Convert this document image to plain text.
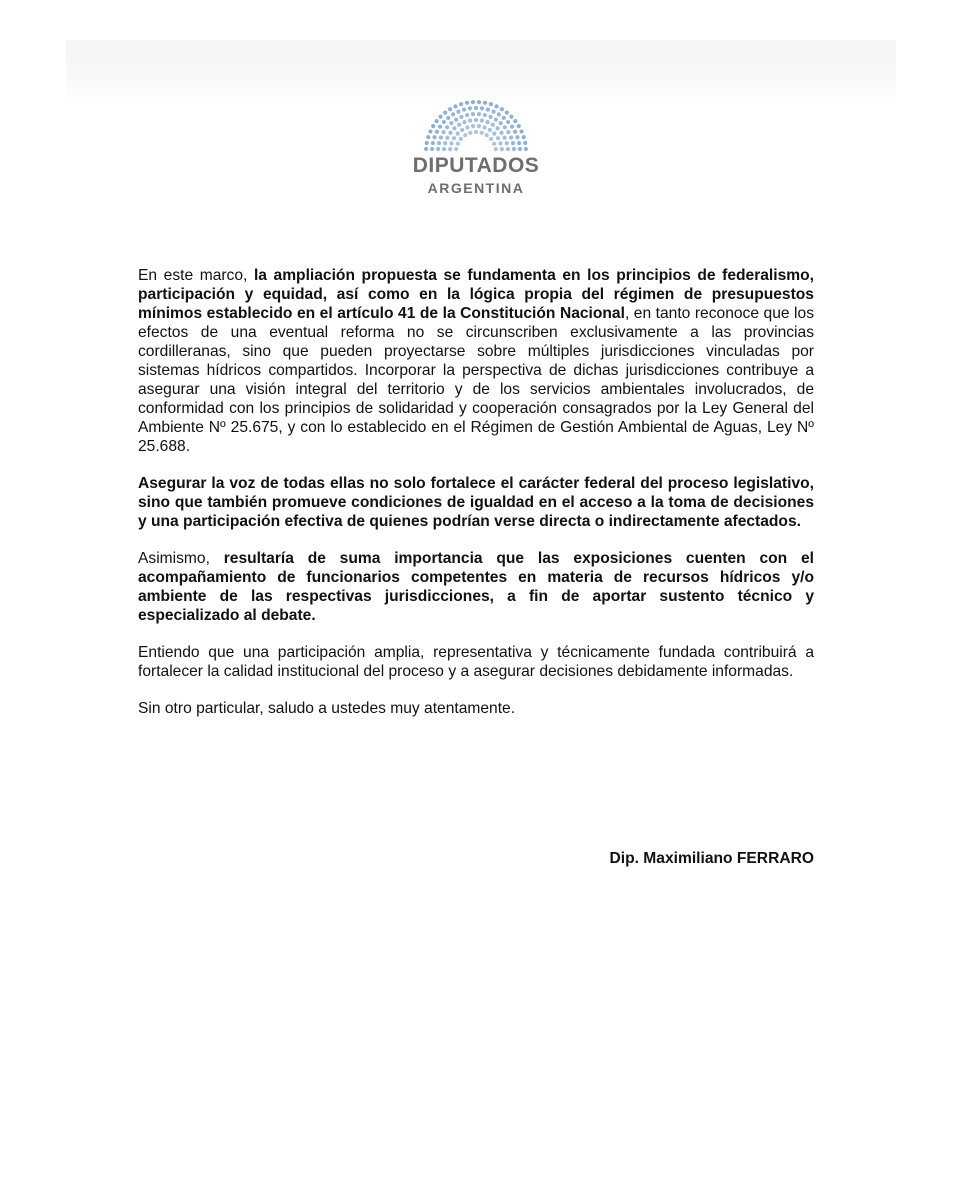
DIPUTADOS
ARGENTINA

En este marco, la ampliación propuesta se fundamenta en los principios de federalismo, participación y equidad, así como en la lógica propia del régimen de presupuestos mínimos establecido en el artículo 41 de la Constitución Nacional, en tanto reconoce que los efectos de una eventual reforma no se circunscriben exclusivamente a las provincias cordilleranas, sino que pueden proyectarse sobre múltiples jurisdicciones vinculadas por sistemas hídricos compartidos. Incorporar la perspectiva de dichas jurisdicciones contribuye a asegurar una visión integral del territorio y de los servicios ambientales involucrados, de conformidad con los principios de solidaridad y cooperación consagrados por la Ley General del Ambiente Nº 25.675, y con lo establecido en el Régimen de Gestión Ambiental de Aguas, Ley Nº 25.688.

Asegurar la voz de todas ellas no solo fortalece el carácter federal del proceso legislativo, sino que también promueve condiciones de igualdad en el acceso a la toma de decisiones y una participación efectiva de quienes podrían verse directa o indirectamente afectados.

Asimismo, resultaría de suma importancia que las exposiciones cuenten con el acompañamiento de funcionarios competentes en materia de recursos hídricos y/o ambiente de las respectivas jurisdicciones, a fin de aportar sustento técnico y especializado al debate.

Entiendo que una participación amplia, representativa y técnicamente fundada contribuirá a fortalecer la calidad institucional del proceso y a asegurar decisiones debidamente informadas.

Sin otro particular, saludo a ustedes muy atentamente.

Dip. Maximiliano FERRARO
